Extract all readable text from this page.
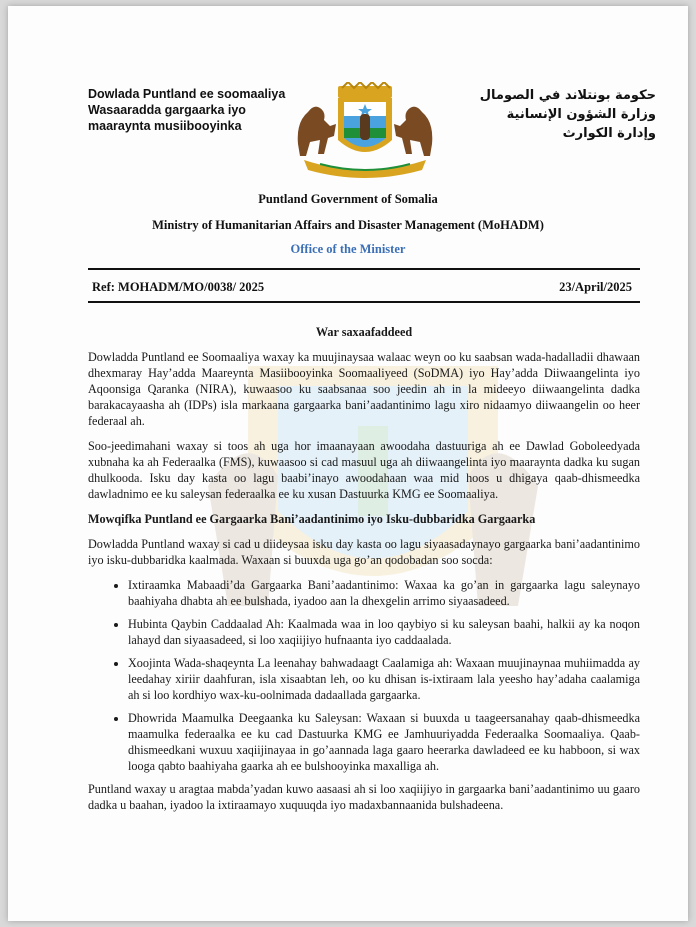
Dowlada Puntland ee soomaaliya
Wasaaradda gargaarka iyo
maaraynta musiibooyinka
حكومة بونتلاند في الصومال
وزارة الشؤون الإنسانية
وإدارة الكوارث
Puntland Government of Somalia
Ministry of Humanitarian Affairs and Disaster Management (MoHADM)
Office of the Minister
Ref: MOHADM/MO/0038/ 2025	23/April/2025
War saxaafaddeed
Dowladda Puntland ee Soomaaliya waxay ka muujinaysaa walaac weyn oo ku saabsan wada-hadalladii dhawaan dhexmaray Hay’adda Maareynta Masiibooyinka Soomaaliyeed (SoDMA) iyo Hay’adda Diiwaangelinta iyo Aqoonsiga Qaranka (NIRA), kuwaasoo ku saabsanaa soo jeedin ah in la mideeyo diiwaangelinta dadka barakacayaasha ah (IDPs) isla markaana gargaarka bani’aadantinimo lagu xiro nidaamyo diiwaangelin oo heer federaal ah.
Soo-jeedimahani waxay si toos ah uga hor imaanayaan awoodaha dastuuriga ah ee Dawlad Goboleedyada xubnaha ka ah Federaalka (FMS), kuwaasoo si cad masuul uga ah diiwaangelinta iyo maaraynta dadka ku sugan dhulkooda. Isku day kasta oo lagu baabi’inayo awoodahaan waa mid hoos u dhigaya qaab-dhismeedka dawladnimo ee ku saleysan federaalka ee ku xusan Dastuurka KMG ee Soomaaliya.
Mowqifka Puntland ee Gargaarka Bani’aadantinimo iyo Isku-dubbaridka Gargaarka
Dowladda Puntland waxay si cad u diideysaa isku day kasta oo lagu siyaasadaynayo gargaarka bani’aadantinimo iyo isku-dubbaridka kaalmada. Waxaan si buuxda uga go’an qodobadan soo socda:
• Ixtiraamka Mabaadi’da Gargaarka Bani’aadantinimo: Waxaa ka go’an in gargaarka lagu saleynayo baahiyaha dhabta ah ee bulshada, iyadoo aan la dhexgelin arrimo siyaasadeed.
• Hubinta Qaybin Caddaalad Ah: Kaalmada waa in loo qaybiyo si ku saleysan baahi, halkii ay ka noqon lahayd dan siyaasadeed, si loo xaqiijiyo hufnaanta iyo caddaalada.
• Xoojinta Wada-shaqeynta La leenahay bahwadaagt Caalamiga ah: Waxaan muujinaynaa muhiimadda ay leedahay xiriir daahfuran, isla xisaabtan leh, oo ku dhisan is-ixtiraam lala yeesho hay’adaha caalamiga ah si loo kordhiyo wax-ku-oolnimada dadaallada gargaarka.
• Dhowrida Maamulka Deegaanka ku Saleysan: Waxaan si buuxda u taageersanahay qaab-dhismeedka maamulka federaalka ee ku cad Dastuurka KMG ee Jamhuuriyadda Federaalka Soomaaliya. Qaab-dhismeedkani wuxuu xaqiijinayaa in go’aannada laga gaaro heerarka dawladeed ee ku habboon, si wax looga qabto baahiyaha gaarka ah ee bulshooyinka maxalliga ah.
Puntland waxay u aragtaa mabda’yadan kuwo aasaasi ah si loo xaqiijiyo in gargaarka bani’aadantinimo uu gaaro dadka u baahan, iyadoo la ixtiraamayo xuquuqda iyo madaxbannaanida bulshadeena.
